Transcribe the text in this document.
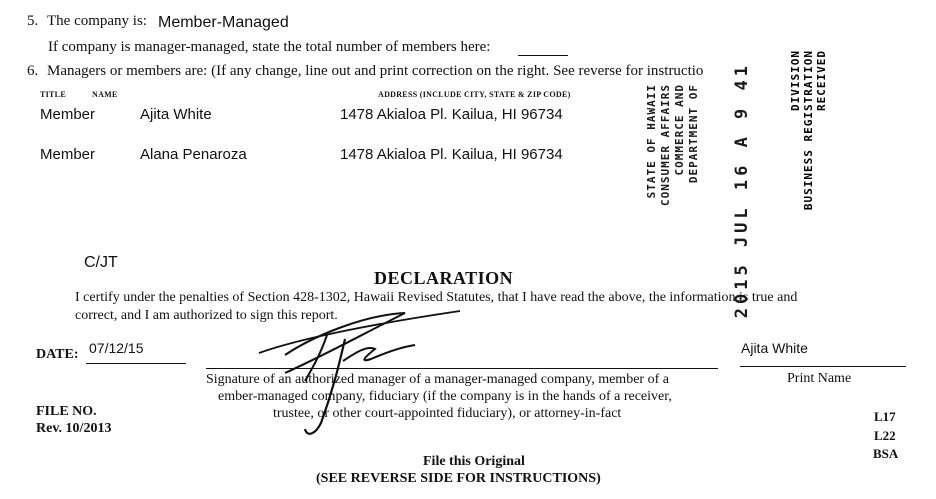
5. The company is: Member-Managed
If company is manager-managed, state the total number of members here:
6. Managers or members are: (If any change, line out and print correction on the right. See reverse for instructio
TITLE	NAME	ADDRESS (INCLUDE CITY, STATE & ZIP CODE)
Member	Ajita White	1478 Akialoa Pl. Kailua, HI 96734
Member	Alana Penaroza	1478 Akialoa Pl. Kailua, HI 96734	STATE OF HAWAII CONSUMER AFFAIRS COMMERCE AND DEPARTMENT OF 2015 JUL 16 A 9 41	DIVISION BUSINESS REGISTRATION RECEIVED
C/JT
DECLARATION
I certify under the penalties of Section 428-1302, Hawaii Revised Statutes, that I have read the above, the information is true and
correct, and I am authorized to sign this report.
DATE: 07/12/15
Signature of an authorized manager of a manager-managed company, member of a
ember-managed company, fiduciary (if the company is in the hands of a receiver,
trustee, or other court-appointed fiduciary), or attorney-in-fact
Ajita White
Print Name
FILE NO.
Rev. 10/2013
L17
L22
BSA
File this Original
(SEE REVERSE SIDE FOR INSTRUCTIONS)
